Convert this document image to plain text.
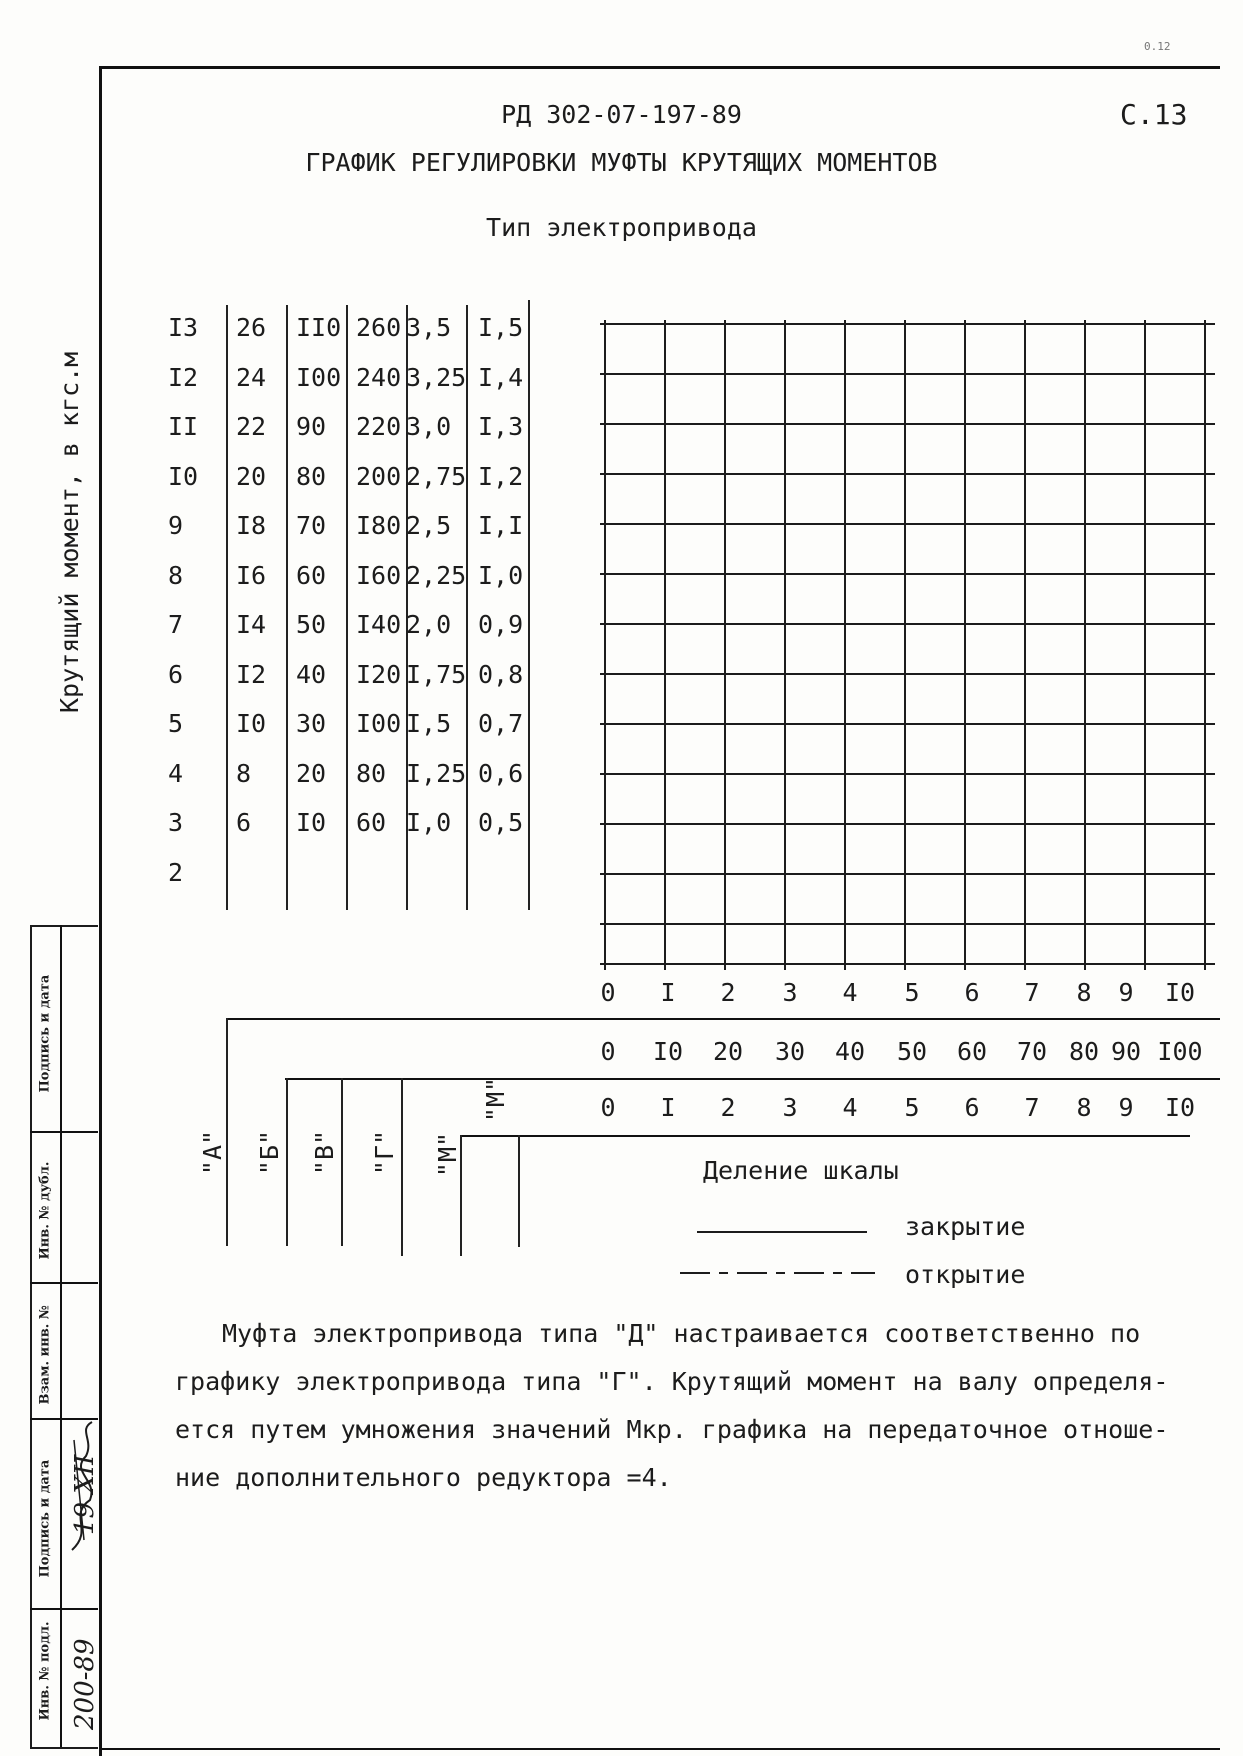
0.12
РД 302-07-197-89	С.13
ГРАФИК РЕГУЛИРОВКИ МУФТЫ КРУТЯЩИХ МОМЕНТОВ
Тип электропривода
Крутящий момент, в кгс.м
I3 26 II0 260 3,5 I,5
I2 24 I00 240 3,25 I,4
II 22 90 220 3,0 I,3
I0 20 80 200 2,75 I,2
9 I8 70 I80 2,5 I,I
8 I6 60 I60 2,25 I,0
7 I4 50 I40 2,0 0,9
6 I2 40 I20 I,75 0,8
5 I0 30 I00 I,5 0,7
4 8 20 80 I,25 0,6
3 6 I0 60 I,0 0,5
2
0	I	2	3	4	5	6	7	8	9	I0
0	I0	20	30	40	50	60	70 80 90 I00
0	I	2	3	4	5	6	7	8	9	I0
"А" "Б" "В" "Г" "М"
"М"
Деление шкалы
закрытие
открытие
Муфта электропривода типа "Д" настраивается соответственно по
графику электропривода типа "Г". Крутящий момент на валу определя-
ется путем умножения значений Мкр. графика на передаточное отноше-
ние дополнительного редуктора =4.
Инв. № подл.
Подпись и дата
Взам. инв. №
Инв. № дубл.
Подпись и дата
200-89
19 XII
